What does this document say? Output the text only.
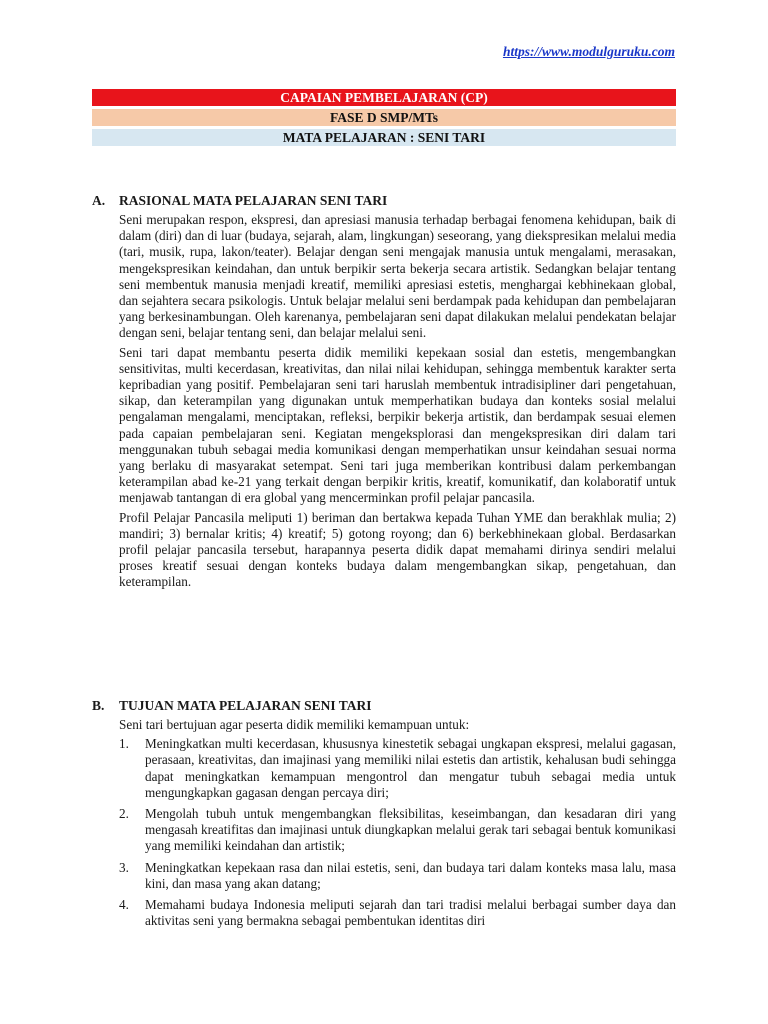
https://www.modulguruku.com
CAPAIAN PEMBELAJARAN (CP)
FASE D SMP/MTs
MATA PELAJARAN : SENI TARI
A.	RASIONAL MATA PELAJARAN SENI TARI
Seni merupakan respon, ekspresi, dan apresiasi manusia terhadap berbagai fenomena kehidupan, baik di dalam (diri) dan di luar (budaya, sejarah, alam, lingkungan) seseorang, yang diekspresikan melalui media (tari, musik, rupa, lakon/teater). Belajar dengan seni mengajak manusia untuk mengalami, merasakan, mengekspresikan keindahan, dan untuk berpikir serta bekerja secara artistik. Sedangkan belajar tentang seni membentuk manusia menjadi kreatif, memiliki apresiasi estetis, menghargai kebhinekaan global, dan sejahtera secara psikologis. Untuk belajar melalui seni berdampak pada kehidupan dan pembelajaran yang berkesinambungan. Oleh karenanya, pembelajaran seni dapat dilakukan melalui pendekatan belajar dengan seni, belajar tentang seni, dan belajar melalui seni.
Seni tari dapat membantu peserta didik memiliki kepekaan sosial dan estetis, mengembangkan sensitivitas, multi kecerdasan, kreativitas, dan nilai nilai kehidupan, sehingga membentuk karakter serta kepribadian yang positif. Pembelajaran seni tari haruslah membentuk intradisipliner dari pengetahuan, sikap, dan keterampilan yang digunakan untuk memperhatikan budaya dan konteks sosial melalui pengalaman mengalami, menciptakan, refleksi, berpikir bekerja artistik, dan berdampak sesuai elemen pada capaian pembelajaran seni. Kegiatan mengeksplorasi dan mengekspresikan diri dalam tari menggunakan tubuh sebagai media komunikasi dengan memperhatikan unsur keindahan sesuai norma yang berlaku di masyarakat setempat. Seni tari juga memberikan kontribusi dalam perkembangan keterampilan abad ke-21 yang terkait dengan berpikir kritis, kreatif, komunikatif, dan kolaboratif untuk menjawab tantangan di era global yang mencerminkan profil pelajar pancasila.
Profil Pelajar Pancasila meliputi 1) beriman dan bertakwa kepada Tuhan YME dan berakhlak mulia; 2) mandiri; 3) bernalar kritis; 4) kreatif; 5) gotong royong; dan 6) berkebhinekaan global. Berdasarkan profil pelajar pancasila tersebut, harapannya peserta didik dapat memahami dirinya sendiri melalui proses kreatif sesuai dengan konteks budaya dalam mengembangkan sikap, pengetahuan, dan keterampilan.
B.	TUJUAN MATA PELAJARAN SENI TARI
Seni tari bertujuan agar peserta didik memiliki kemampuan untuk:
1.	Meningkatkan multi kecerdasan, khususnya kinestetik sebagai ungkapan ekspresi, melalui gagasan, perasaan, kreativitas, dan imajinasi yang memiliki nilai estetis dan artistik, kehalusan budi sehingga dapat meningkatkan kemampuan mengontrol dan mengatur tubuh sebagai media untuk mengungkapkan gagasan dengan percaya diri;
2.	Mengolah tubuh untuk mengembangkan fleksibilitas, keseimbangan, dan kesadaran diri yang mengasah kreatifitas dan imajinasi untuk diungkapkan melalui gerak tari sebagai bentuk komunikasi yang memiliki keindahan dan artistik;
3.	Meningkatkan kepekaan rasa dan nilai estetis, seni, dan budaya tari dalam konteks masa lalu, masa kini, dan masa yang akan datang;
4.	Memahami budaya Indonesia meliputi sejarah dan tari tradisi melalui berbagai sumber daya dan aktivitas seni yang bermakna sebagai pembentukan identitas diri
